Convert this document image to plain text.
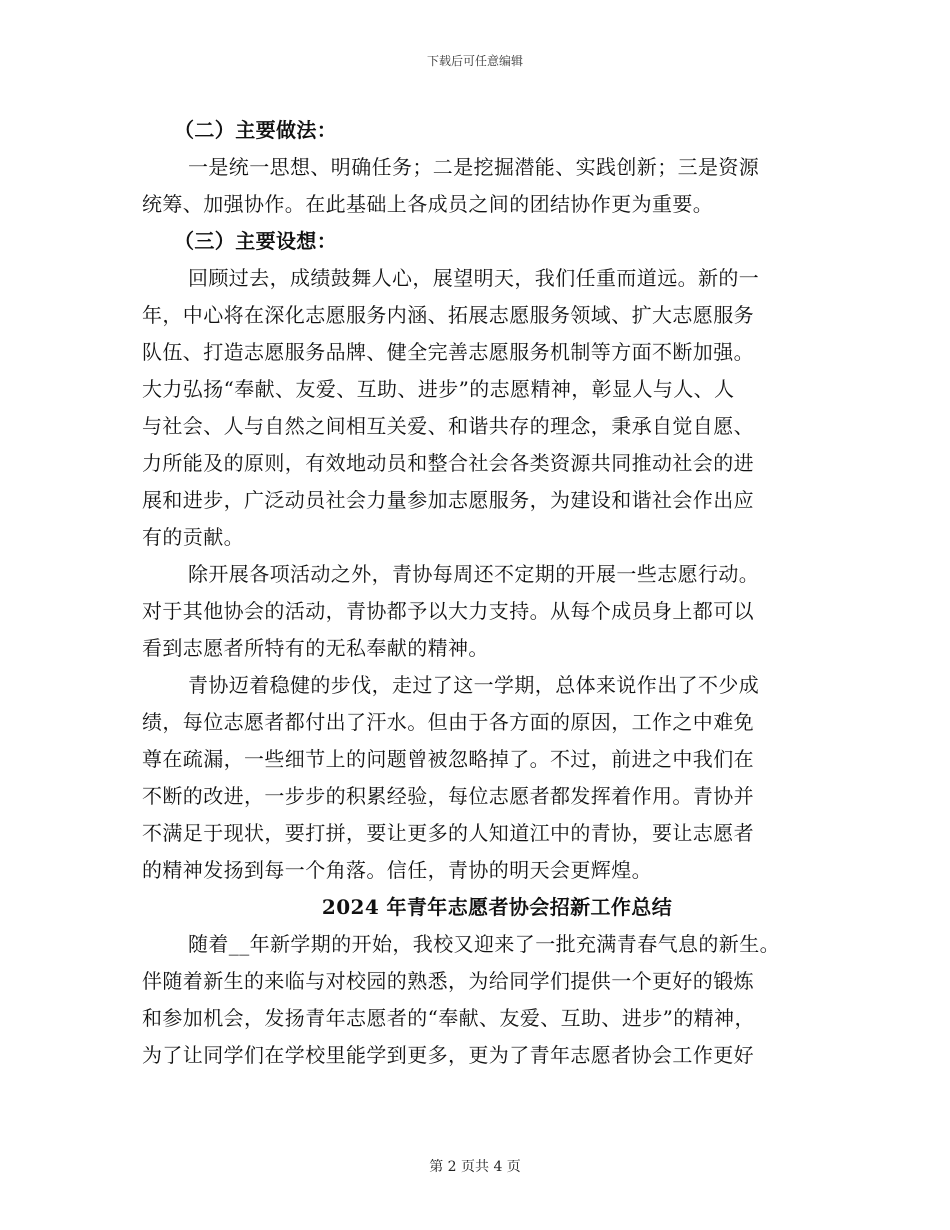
下载后可任意编辑
（二）主要做法：
一是统一思想、明确任务；二是挖掘潜能、实践创新；三是资源
统筹、加强协作。在此基础上各成员之间的团结协作更为重要。
（三）主要设想：
回顾过去，成绩鼓舞人心，展望明天，我们任重而道远。新的一
年，中心将在深化志愿服务内涵、拓展志愿服务领域、扩大志愿服务
队伍、打造志愿服务品牌、健全完善志愿服务机制等方面不断加强。
大力弘扬“奉献、友爱、互助、进步”的志愿精神，彰显人与人、人
与社会、人与自然之间相互关爱、和谐共存的理念，秉承自觉自愿、
力所能及的原则，有效地动员和整合社会各类资源共同推动社会的进
展和进步，广泛动员社会力量参加志愿服务，为建设和谐社会作出应
有的贡献。
除开展各项活动之外，青协每周还不定期的开展一些志愿行动。
对于其他协会的活动，青协都予以大力支持。从每个成员身上都可以
看到志愿者所特有的无私奉献的精神。
青协迈着稳健的步伐，走过了这一学期，总体来说作出了不少成
绩，每位志愿者都付出了汗水。但由于各方面的原因，工作之中难免
尊在疏漏，一些细节上的问题曾被忽略掉了。不过，前进之中我们在
不断的改进，一步步的积累经验，每位志愿者都发挥着作用。青协并
不满足于现状，要打拼，要让更多的人知道江中的青协，要让志愿者
的精神发扬到每一个角落。信任，青协的明天会更辉煌。
2024 年青年志愿者协会招新工作总结
随着__年新学期的开始，我校又迎来了一批充满青春气息的新生。
伴随着新生的来临与对校园的熟悉，为给同学们提供一个更好的锻炼
和参加机会，发扬青年志愿者的“奉献、友爱、互助、进步”的精神，
为了让同学们在学校里能学到更多，更为了青年志愿者协会工作更好
第 2 页共 4 页
